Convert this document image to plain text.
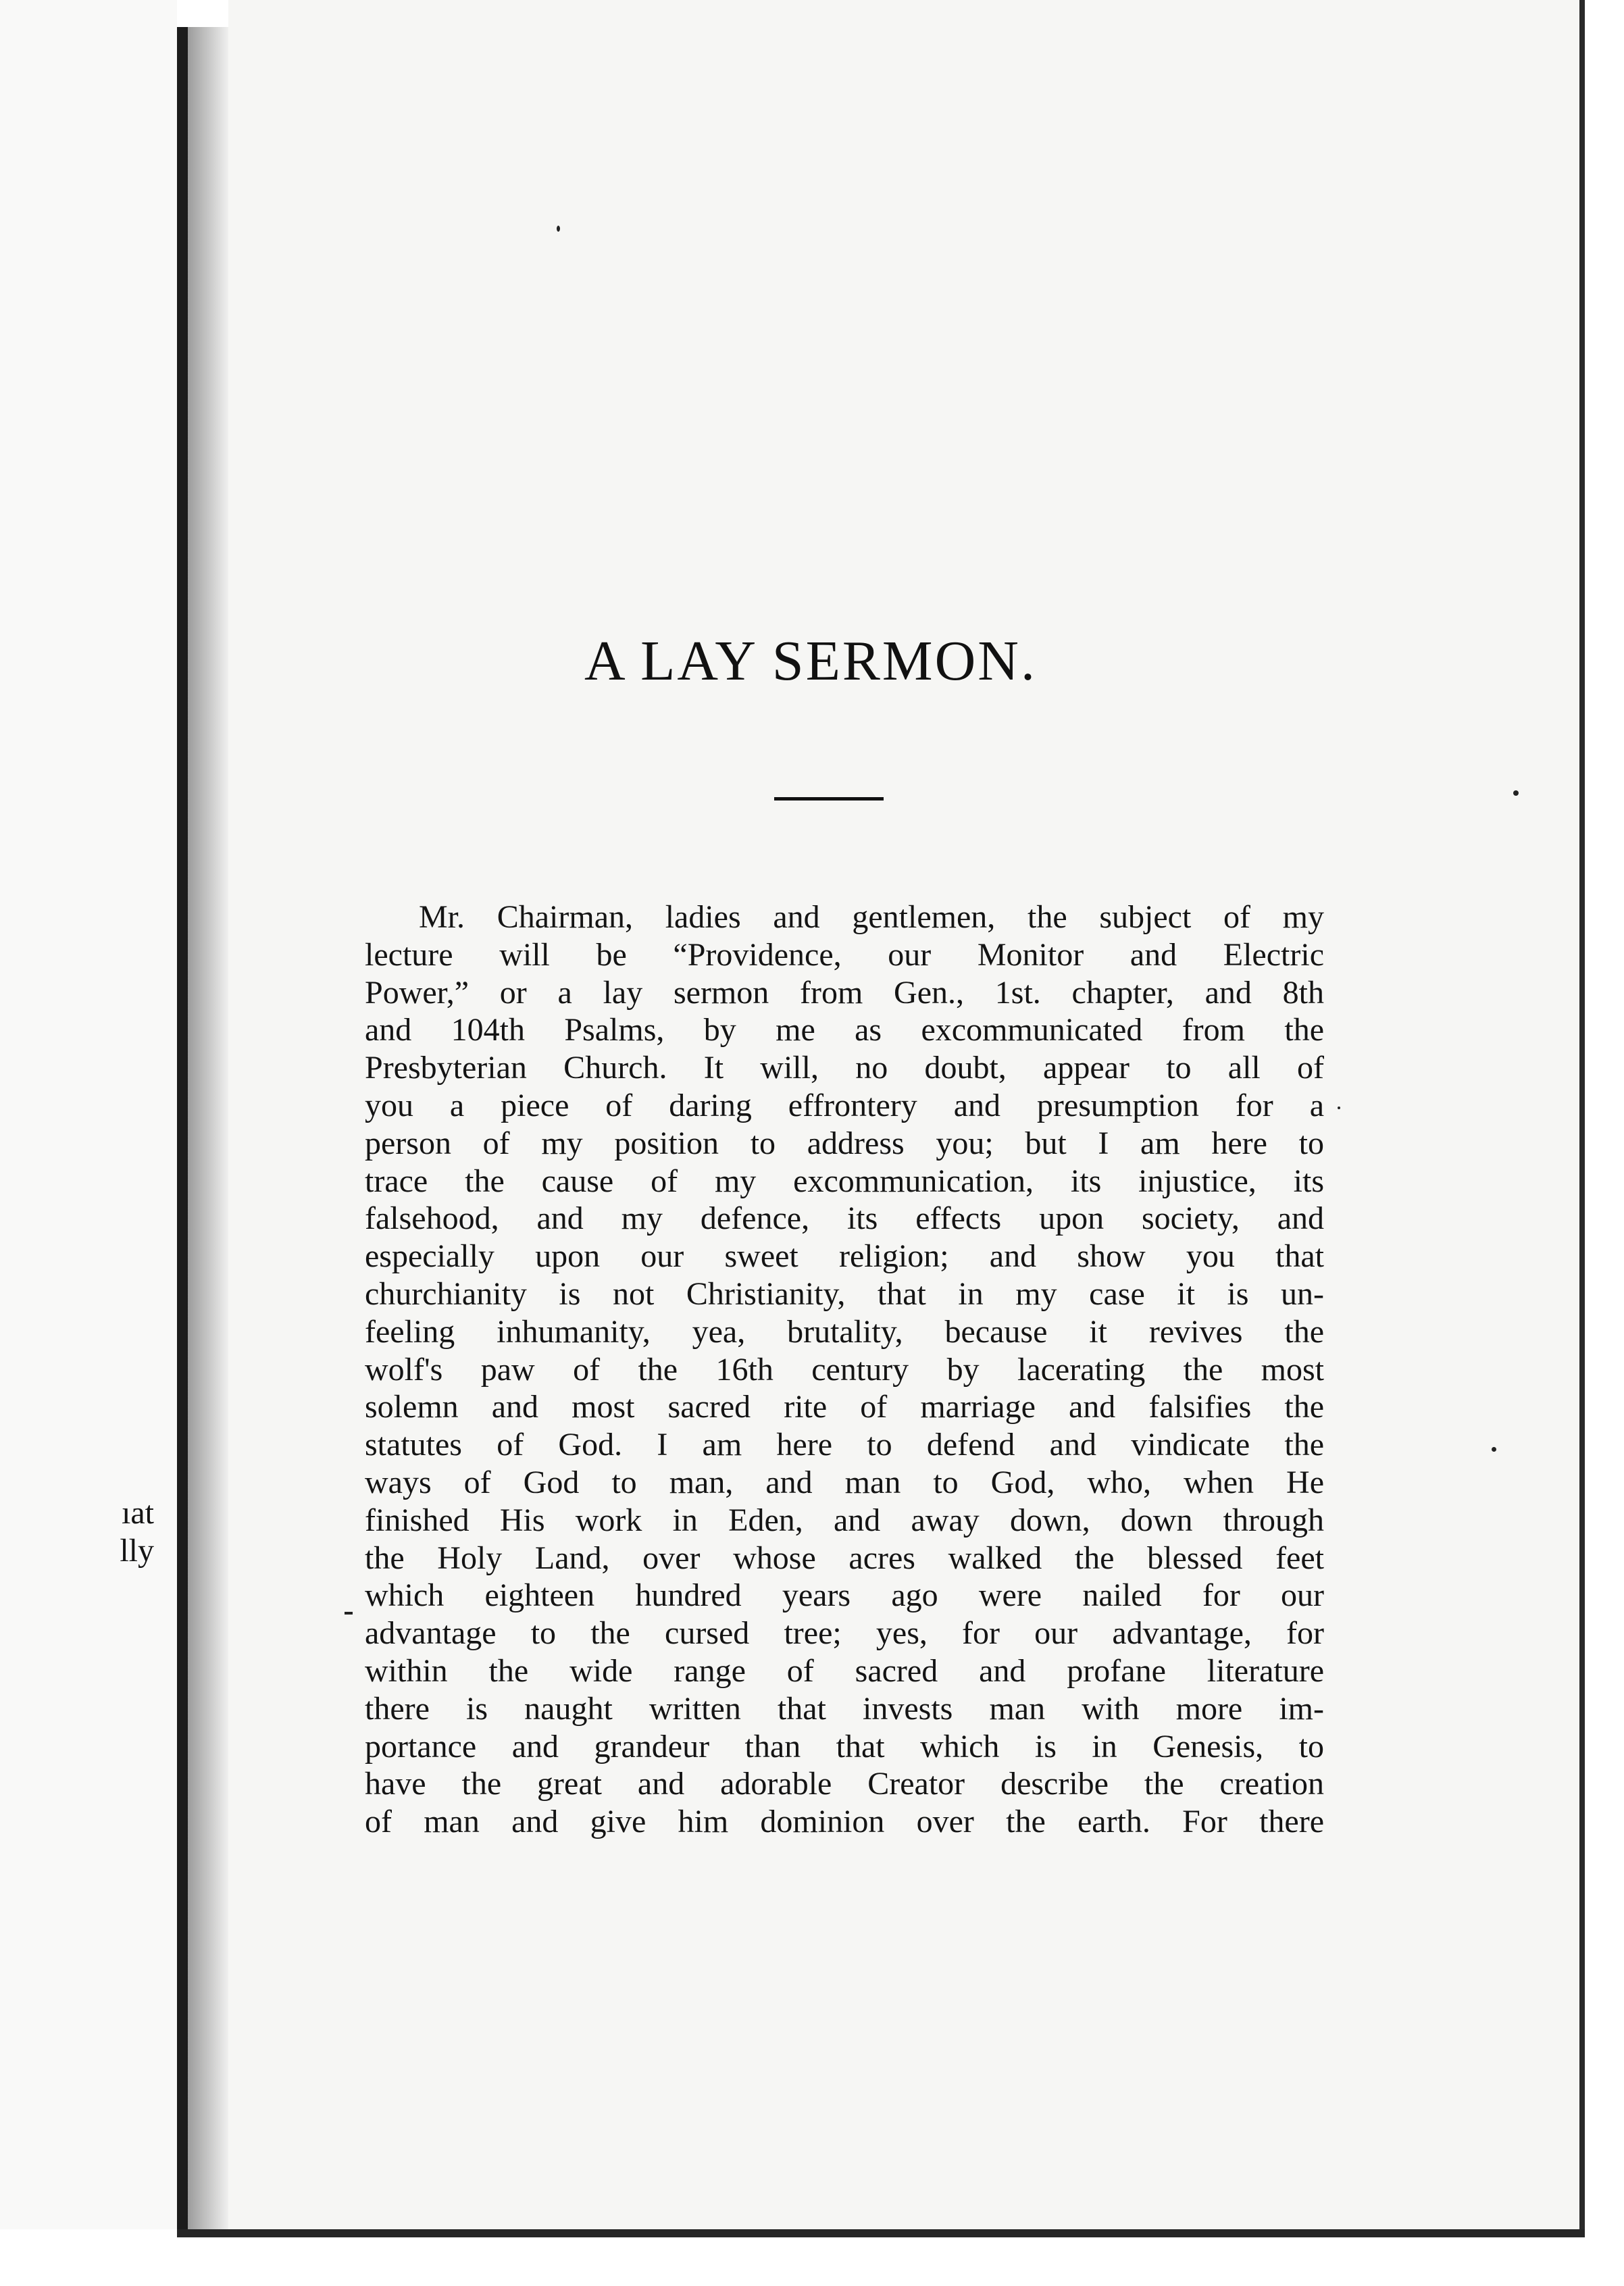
A LAY SERMON.
ıat
lly
Mr. Chairman, ladies and gentlemen, the subject of my
lecture will be “Providence, our Monitor and Electric
Power,” or a lay sermon from Gen., 1st. chapter, and 8th
and 104th Psalms, by me as excommunicated from the
Presbyterian Church. It will, no doubt, appear to all of
you a piece of daring effrontery and presumption for a
person of my position to address you; but I am here to
trace the cause of my excommunication, its injustice, its
falsehood, and my defence, its effects upon society, and
especially upon our sweet religion; and show you that
churchianity is not Christianity, that in my case it is un-
feeling inhumanity, yea, brutality, because it revives the
wolf's paw of the 16th century by lacerating the most
solemn and most sacred rite of marriage and falsifies the
statutes of God. I am here to defend and vindicate the
ways of God to man, and man to God, who, when He
finished His work in Eden, and away down, down through
the Holy Land, over whose acres walked the blessed feet
which eighteen hundred years ago were nailed for our
advantage to the cursed tree; yes, for our advantage, for
within the wide range of sacred and profane literature
there is naught written that invests man with more im-
portance and grandeur than that which is in Genesis, to
have the great and adorable Creator describe the creation
of man and give him dominion over the earth. For there
